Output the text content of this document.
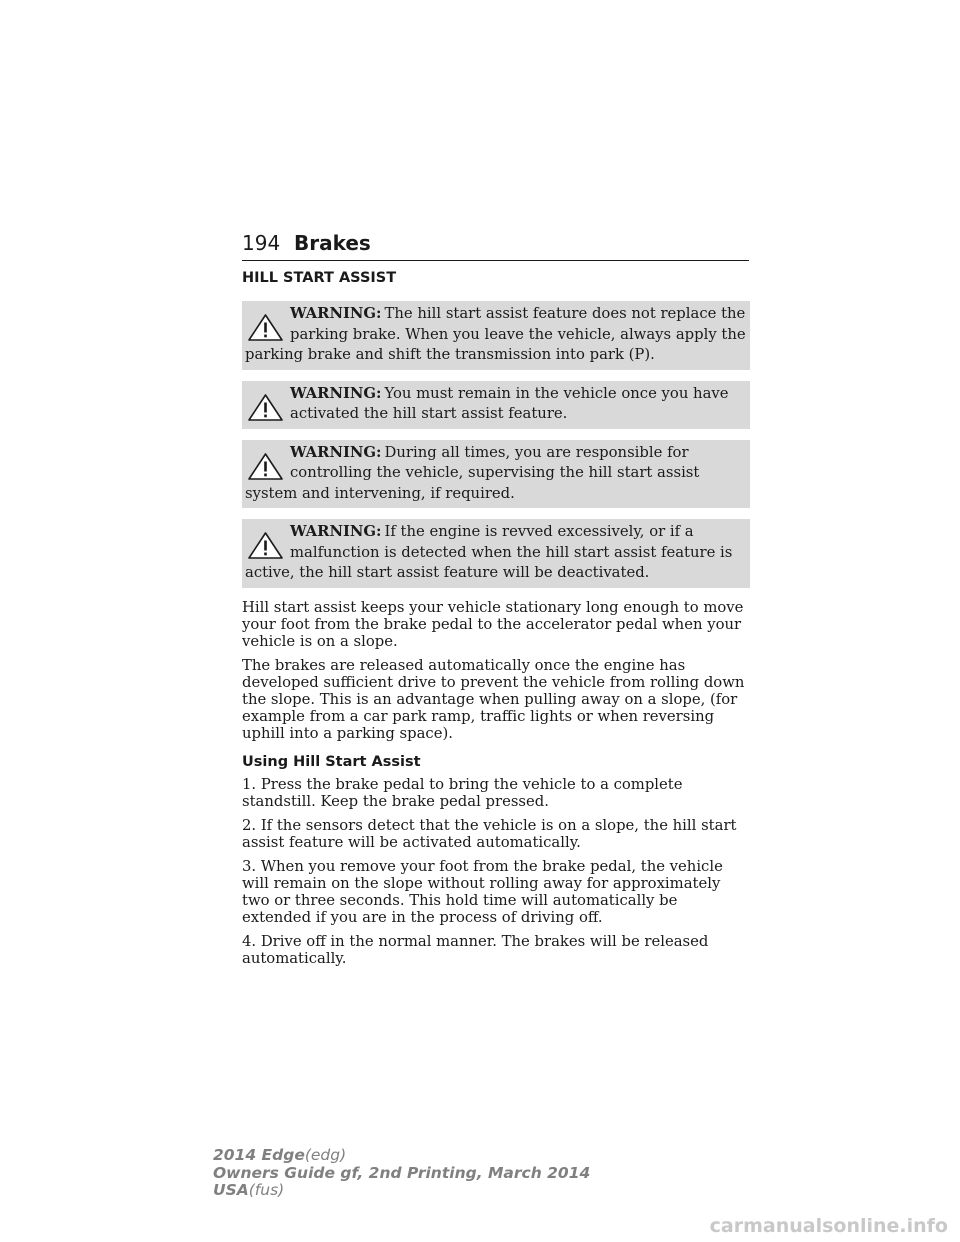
194 Brakes
HILL START ASSIST
WARNING: The hill start assist feature does not replace the parking brake. When you leave the vehicle, always apply the parking brake and shift the transmission into park (P).
WARNING: You must remain in the vehicle once you have activated the hill start assist feature.
WARNING: During all times, you are responsible for controlling the vehicle, supervising the hill start assist system and intervening, if required.
WARNING: If the engine is revved excessively, or if a malfunction is detected when the hill start assist feature is active, the hill start assist feature will be deactivated.

Hill start assist keeps your vehicle stationary long enough to move your foot from the brake pedal to the accelerator pedal when your vehicle is on a slope.

The brakes are released automatically once the engine has developed sufficient drive to prevent the vehicle from rolling down the slope. This is an advantage when pulling away on a slope, (for example from a car park ramp, traffic lights or when reversing uphill into a parking space).

Using Hill Start Assist

1. Press the brake pedal to bring the vehicle to a complete standstill. Keep the brake pedal pressed.

2. If the sensors detect that the vehicle is on a slope, the hill start assist feature will be activated automatically.

3. When you remove your foot from the brake pedal, the vehicle will remain on the slope without rolling away for approximately two or three seconds. This hold time will automatically be extended if you are in the process of driving off.

4. Drive off in the normal manner. The brakes will be released automatically.

2014 Edge(edg)
Owners Guide gf, 2nd Printing, March 2014
USA(fus)
carmanualsonline.info
